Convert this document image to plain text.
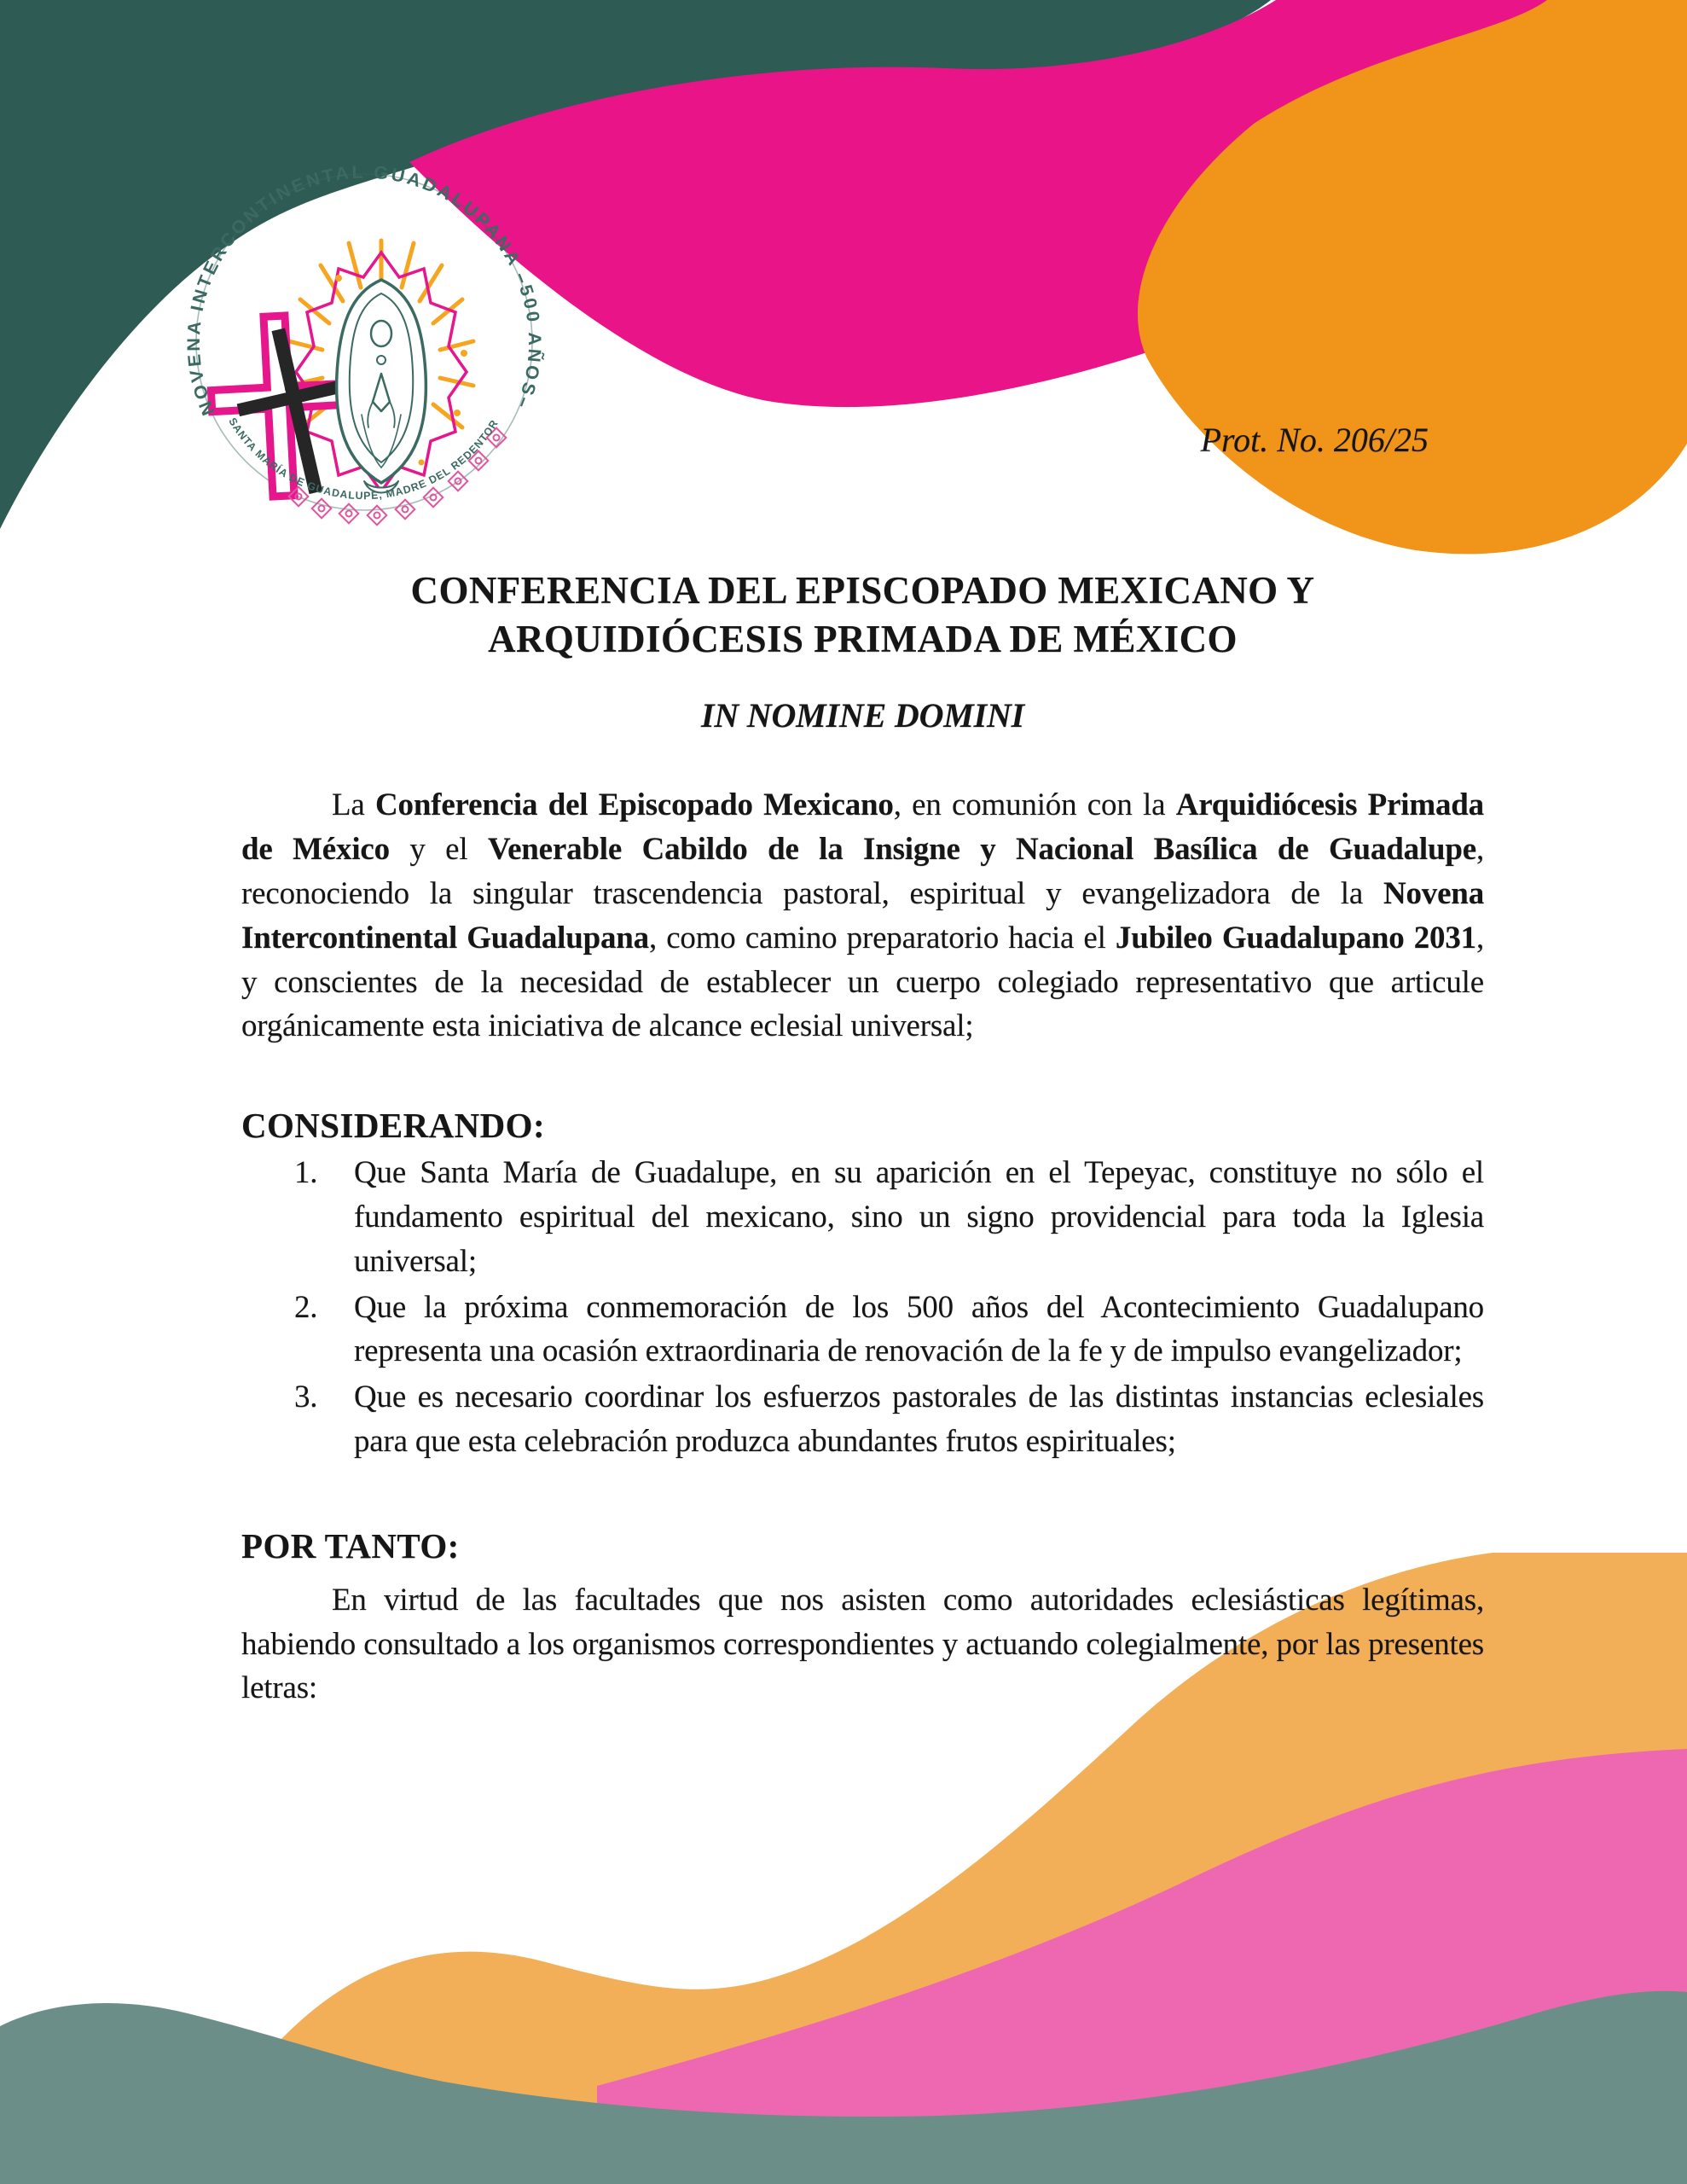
NOVENA INTERCONTINENTAL GUADALUPANA –500 AÑOS–
SANTA MARÍA DE GUADALUPE, MADRE DEL REDENTOR	Prot. No. 206/25
CONFERENCIA DEL EPISCOPADO MEXICANO Y
ARQUIDIÓCESIS PRIMADA DE MÉXICO
IN NOMINE DOMINI

La Conferencia del Episcopado Mexicano, en comunión con la Arquidiócesis Primada de México y el Venerable Cabildo de la Insigne y Nacional Basílica de Guadalupe, reconociendo la singular trascendencia pastoral, espiritual y evangelizadora de la Novena Intercontinental Guadalupana, como camino preparatorio hacia el Jubileo Guadalupano 2031, y conscientes de la necesidad de establecer un cuerpo colegiado representativo que articule orgánicamente esta iniciativa de alcance eclesial universal;

CONSIDERANDO:
1. Que Santa María de Guadalupe, en su aparición en el Tepeyac, constituye no sólo el fundamento espiritual del mexicano, sino un signo providencial para toda la Iglesia universal;
2. Que la próxima conmemoración de los 500 años del Acontecimiento Guadalupano representa una ocasión extraordinaria de renovación de la fe y de impulso evangelizador;
3. Que es necesario coordinar los esfuerzos pastorales de las distintas instancias eclesiales para que esta celebración produzca abundantes frutos espirituales;
POR TANTO:

En virtud de las facultades que nos asisten como autoridades eclesiásticas legítimas, habiendo consultado a los organismos correspondientes y actuando colegialmente, por las presentes letras:
